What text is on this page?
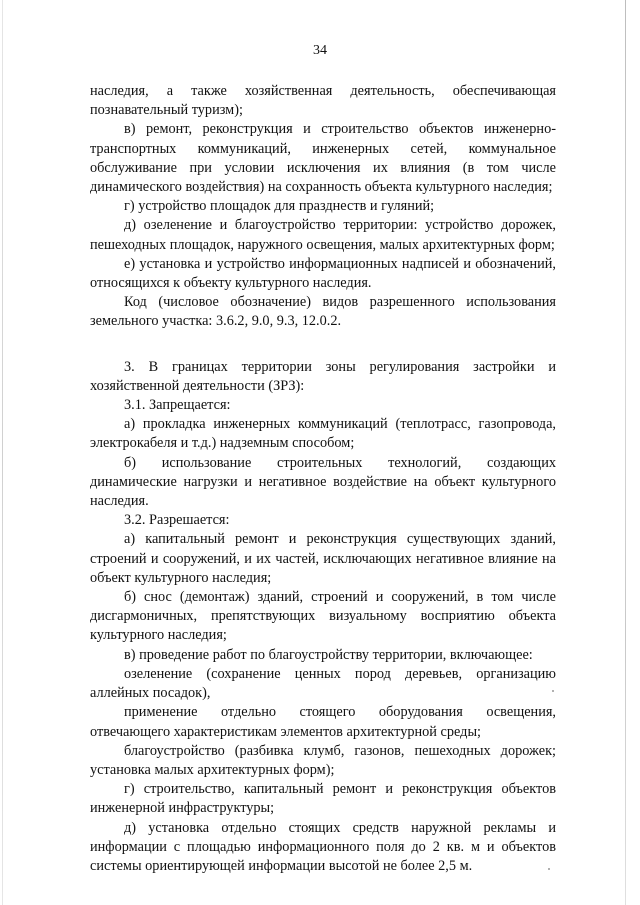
34

наследия, а также хозяйственная деятельность, обеспечивающая познавательный туризм);

в) ремонт, реконструкция и строительство объектов инженерно-транспортных коммуникаций, инженерных сетей, коммунальное обслуживание при условии исключения их влияния (в том числе динамического воздействия) на сохранность объекта культурного наследия;

г) устройство площадок для празднеств и гуляний;

д) озеленение и благоустройство территории: устройство дорожек, пешеходных площадок, наружного освещения, малых архитектурных форм;

е) установка и устройство информационных надписей и обозначений, относящихся к объекту культурного наследия.

Код (числовое обозначение) видов разрешенного использования земельного участка: 3.6.2, 9.0, 9.3, 12.0.2.

3. В границах территории зоны регулирования застройки и хозяйственной деятельности (ЗРЗ):

3.1. Запрещается:

а) прокладка инженерных коммуникаций (теплотрасс, газопровода, электрокабеля и т.д.) надземным способом;

б) использование строительных технологий, создающих динамические нагрузки и негативное воздействие на объект культурного наследия.

3.2. Разрешается:

а) капитальный ремонт и реконструкция существующих зданий, строений и сооружений, и их частей, исключающих негативное влияние на объект культурного наследия;

б) снос (демонтаж) зданий, строений и сооружений, в том числе дисгармоничных, препятствующих визуальному восприятию объекта культурного наследия;

в) проведение работ по благоустройству территории, включающее:

озеленение (сохранение ценных пород деревьев, организацию аллейных посадок),

применение отдельно стоящего оборудования освещения, отвечающего характеристикам элементов архитектурной среды;

благоустройство (разбивка клумб, газонов, пешеходных дорожек; установка малых архитектурных форм);

г) строительство, капитальный ремонт и реконструкция объектов инженерной инфраструктуры;

д) установка отдельно стоящих средств наружной рекламы и информации с площадью информационного поля до 2 кв. м и объектов системы ориентирующей информации высотой не более 2,5 м.
